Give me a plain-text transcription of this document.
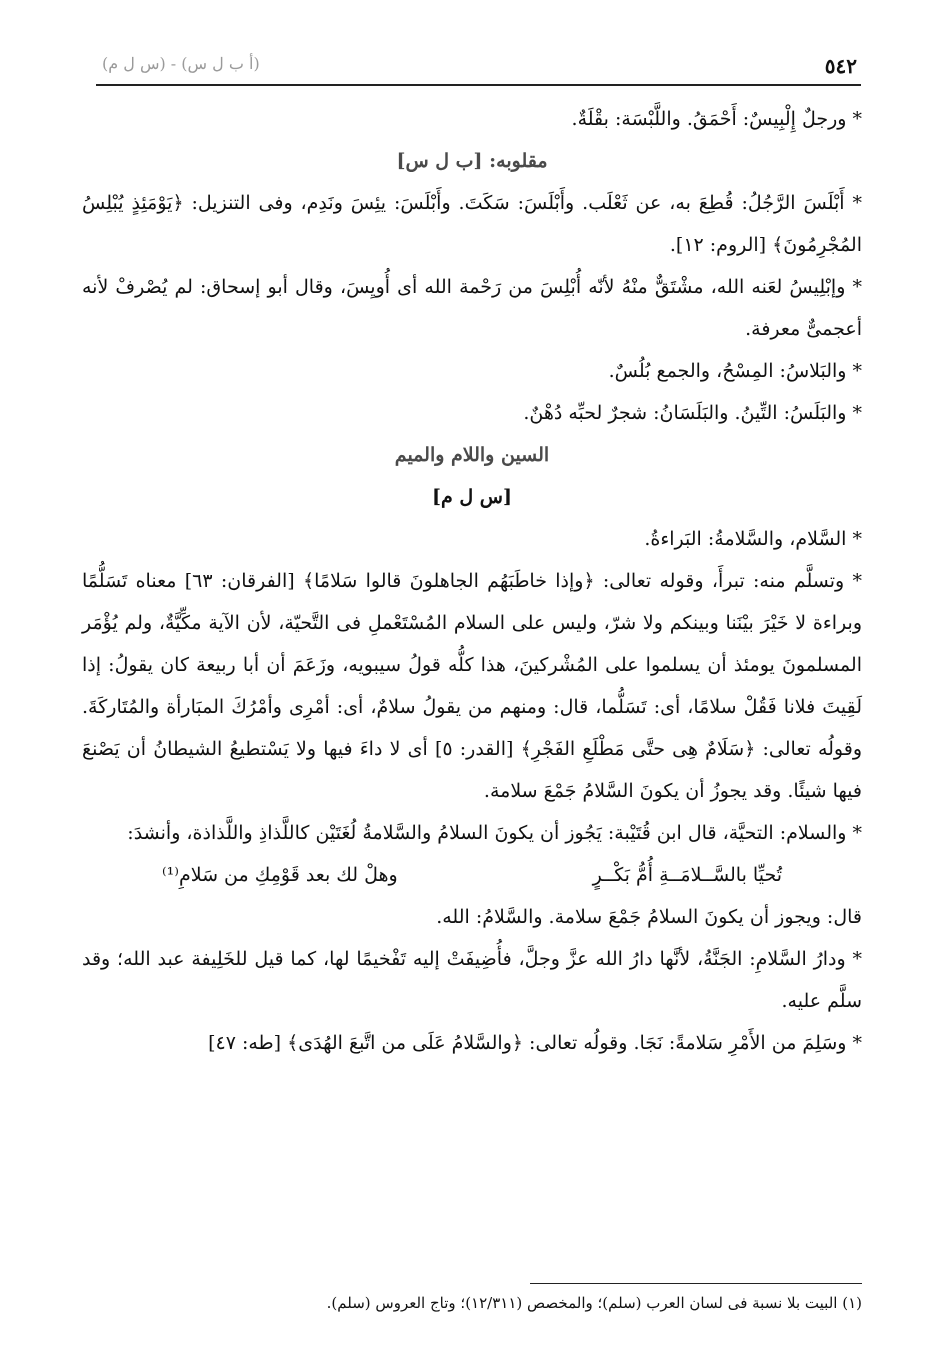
٥٤٢
(أ ب ل س) - (س ل م)

* ورجلٌ إِلْبِيسٌ: أَحْمَقُ. واللَّبْسَة: بقْلَةٌ.

مقلوبه: [ب ل س]

* أَبْلَسَ الرَّجُلُ: قُطِعَ به، عن ثَعْلَب. وأَبْلَسَ: سَكَتَ. وأَبْلَسَ: يئِسَ ونَدِم، وفى التنزيل: ﴿يَوْمَئِذٍ يُبْلِسُ المُجْرِمُونَ﴾ [الروم: ١٢].

* وإبْلِيسُ لعَنه الله، مشْتَقٌّ منْهُ لأنّه أُبْلِسَ من رَحْمة الله أى أُويِسَ، وقال أبو إسحاق: لم يُصْرفْ لأنه أعجمىٌّ معرفة.

* والبَلاسُ: المِسْحُ، والجمع بُلُسٌ.

* والبَلَسُ: التِّينُ. والبَلَسَانُ: شجرٌ لحبِّه دُهْنٌ.

السين واللام والميم

[س ل م]

* السَّلام، والسَّلامةُ: البَراءةُ.

* وتسلَّم منه: تبرأَ، وقوله تعالى: ﴿وإذا خاطَبَهُم الجاهلونَ قالوا سَلامًا﴾ [الفرقان: ٦٣] معناه تَسَلُّمًا وبراءة لا خَيْرَ بيْنَنا وبينكم ولا شرّ، وليس على السلام المُسْتَعْملِ فى التَّحيّة، لأن الآية مكِّيَّةٌ، ولم يُؤْمَر المسلمونَ يومئذ أن يسلموا على المُشْركينَ، هذا كلُّه قولُ سيبويه، وزَعَمَ أن أبا ربيعة كان يقولُ: إذا لَقِيتَ فلانا فَقُلْ سلامًا، أى: تَسَلُّما، قال: ومنهم من يقولُ سلامٌ، أى: أمْرِى وأمْرُكَ المبَارأة والمُتَاركَةَ. وقولُه تعالى: ﴿سَلَامٌ هِى حتَّى مَطْلَعِ الفَجْرِ﴾ [القدر: ٥] أى لا داءَ فيها ولا يَسْتطيعُ الشيطانُ أن يَصْنعَ فيها شيئًا. وقد يجوزُ أن يكونَ السَّلامُ جَمْعَ سلامة.

* والسلام: التحيَّة، قال ابن قُتَيْبة: يَجُوز أن يكونَ السلامُ والسَّلامةُ لُغَتَيْن كاللَّذاذِ واللَّذاذة، وأنشدَ:

تُحيِّا بالسَّــلامَــةِ أُمُّ بَكْــرٍ
وهلْ لك بعد قَوْمِكِ من سَلامِ⁽¹⁾

قال: ويجوز أن يكونَ السلامُ جَمْعَ سلامة. والسَّلامُ: الله.

* ودارُ السَّلامِ: الجَنَّةُ، لأنَّها دارُ الله عزَّ وجلَّ، فأُضِيفَتْ إليه تَفْخيمًا لها، كما قيل للخَلِيفة عبد الله؛ وقد سلَّم عليه.

* وسَلِمَ من الأَمْرِ سَلامةً: نَجَا. وقولُه تعالى: ﴿والسَّلامُ عَلَى من اتَّبعَ الهُدَى﴾ [طه: ٤٧]

(١) البيت بلا نسبة فى لسان العرب (سلم)؛ والمخصص (١٢/٣١١)؛ وتاج العروس (سلم).
